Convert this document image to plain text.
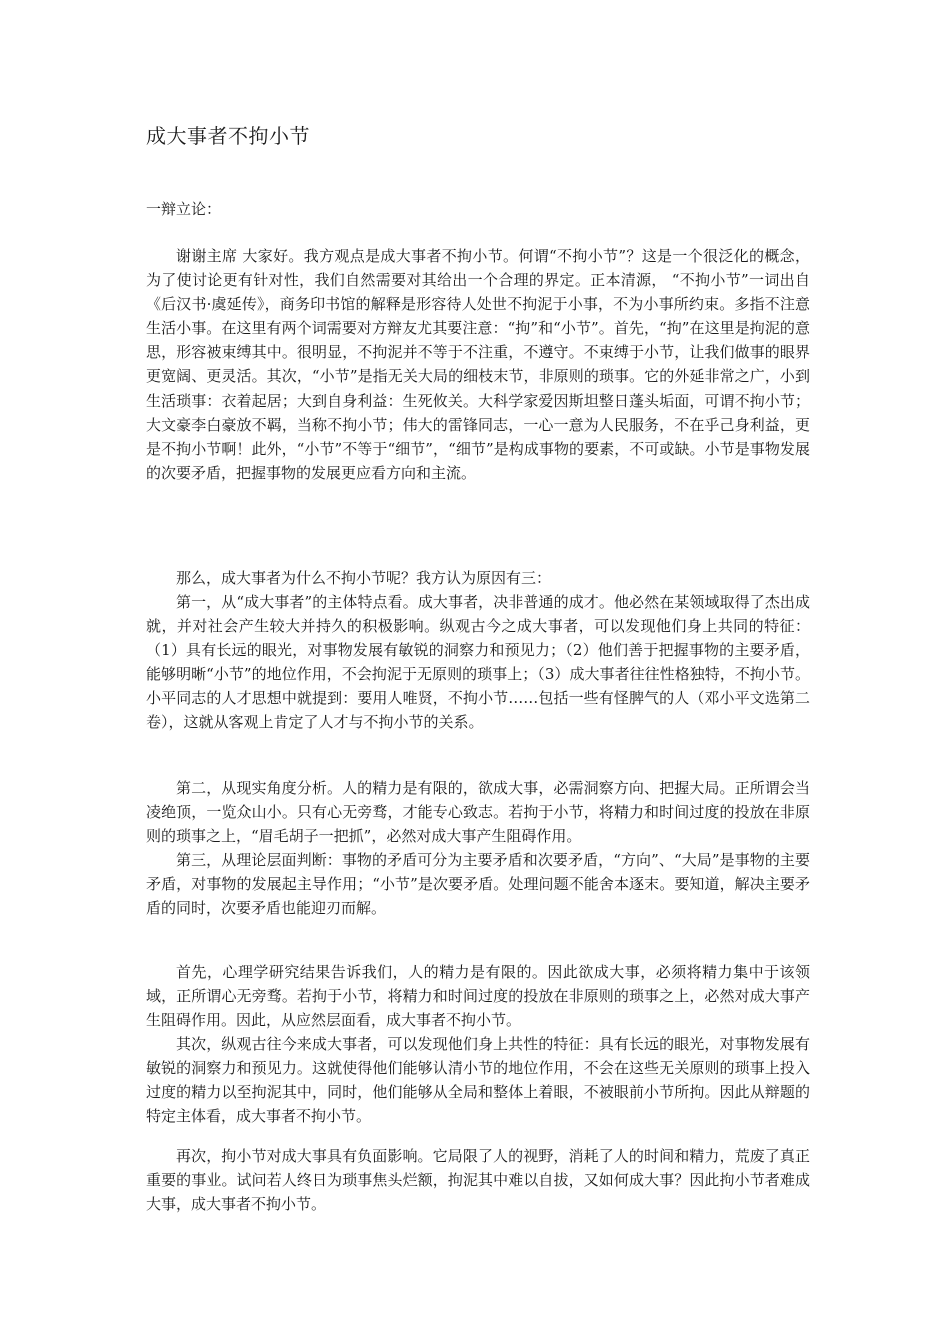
成大事者不拘小节

一辩立论：

谢谢主席 大家好。我方观点是成大事者不拘小节。何谓“不拘小节”？这是一个很泛化的概念，为了使讨论更有针对性，我们自然需要对其给出一个合理的界定。正本清源， “不拘小节”一词出自《后汉书·虞延传》，商务印书馆的解释是形容待人处世不拘泥于小事，不为小事所约束。多指不注意生活小事。在这里有两个词需要对方辩友尤其要注意：“拘”和“小节”。首先，“拘”在这里是拘泥的意思，形容被束缚其中。很明显，不拘泥并不等于不注重，不遵守。不束缚于小节，让我们做事的眼界更宽阔、更灵活。其次，“小节”是指无关大局的细枝末节，非原则的琐事。它的外延非常之广，小到生活琐事：衣着起居；大到自身利益：生死攸关。大科学家爱因斯坦整日蓬头垢面，可谓不拘小节；大文豪李白豪放不羁，当称不拘小节；伟大的雷锋同志，一心一意为人民服务，不在乎己身利益，更是不拘小节啊！此外，“小节”不等于“细节”，“细节”是构成事物的要素，不可或缺。小节是事物发展的次要矛盾，把握事物的发展更应看方向和主流。

那么，成大事者为什么不拘小节呢？我方认为原因有三：

第一，从“成大事者”的主体特点看。成大事者，决非普通的成才。他必然在某领域取得了杰出成就，并对社会产生较大并持久的积极影响。纵观古今之成大事者，可以发现他们身上共同的特征：（1）具有长远的眼光，对事物发展有敏锐的洞察力和预见力；（2）他们善于把握事物的主要矛盾，能够明晰“小节”的地位作用，不会拘泥于无原则的琐事上；（3）成大事者往往性格独特，不拘小节。小平同志的人才思想中就提到：要用人唯贤，不拘小节……包括一些有怪脾气的人（邓小平文选第二卷），这就从客观上肯定了人才与不拘小节的关系。

第二，从现实角度分析。人的精力是有限的，欲成大事，必需洞察方向、把握大局。正所谓会当凌绝顶，一览众山小。只有心无旁骛，才能专心致志。若拘于小节，将精力和时间过度的投放在非原则的琐事之上，“眉毛胡子一把抓”，必然对成大事产生阻碍作用。

第三，从理论层面判断：事物的矛盾可分为主要矛盾和次要矛盾，“方向”、“大局”是事物的主要矛盾，对事物的发展起主导作用；“小节”是次要矛盾。处理问题不能舍本逐末。要知道，解决主要矛盾的同时，次要矛盾也能迎刃而解。

首先，心理学研究结果告诉我们，人的精力是有限的。因此欲成大事，必须将精力集中于该领域，正所谓心无旁骛。若拘于小节，将精力和时间过度的投放在非原则的琐事之上，必然对成大事产生阻碍作用。因此，从应然层面看，成大事者不拘小节。

其次，纵观古往今来成大事者，可以发现他们身上共性的特征：具有长远的眼光，对事物发展有敏锐的洞察力和预见力。这就使得他们能够认清小节的地位作用，不会在这些无关原则的琐事上投入过度的精力以至拘泥其中，同时，他们能够从全局和整体上着眼，不被眼前小节所拘。因此从辩题的特定主体看，成大事者不拘小节。

再次，拘小节对成大事具有负面影响。它局限了人的视野，消耗了人的时间和精力，荒废了真正重要的事业。试问若人终日为琐事焦头烂额，拘泥其中难以自拔，又如何成大事？因此拘小节者难成大事，成大事者不拘小节。
